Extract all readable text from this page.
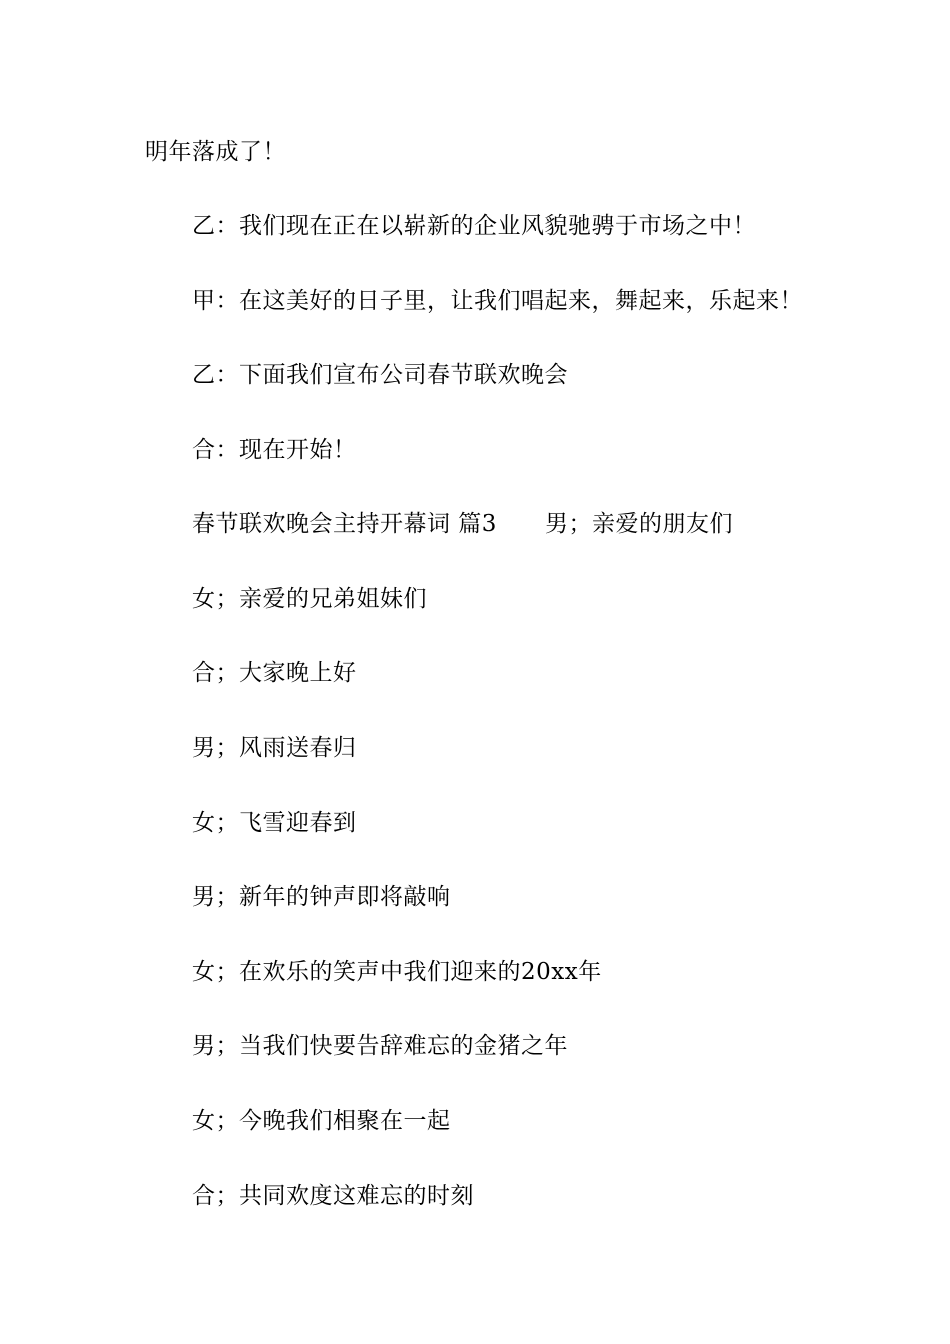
明年落成了！
乙：我们现在正在以崭新的企业风貌驰骋于市场之中！
甲：在这美好的日子里，让我们唱起来，舞起来，乐起来！
乙：下面我们宣布公司春节联欢晚会
合：现在开始！
春节联欢晚会主持开幕词 篇3 男；亲爱的朋友们
女；亲爱的兄弟姐妹们
合；大家晚上好
男；风雨送春归
女；飞雪迎春到
男；新年的钟声即将敲响
女；在欢乐的笑声中我们迎来的20xx年
男；当我们快要告辞难忘的金猪之年
女；今晚我们相聚在一起
合；共同欢度这难忘的时刻
